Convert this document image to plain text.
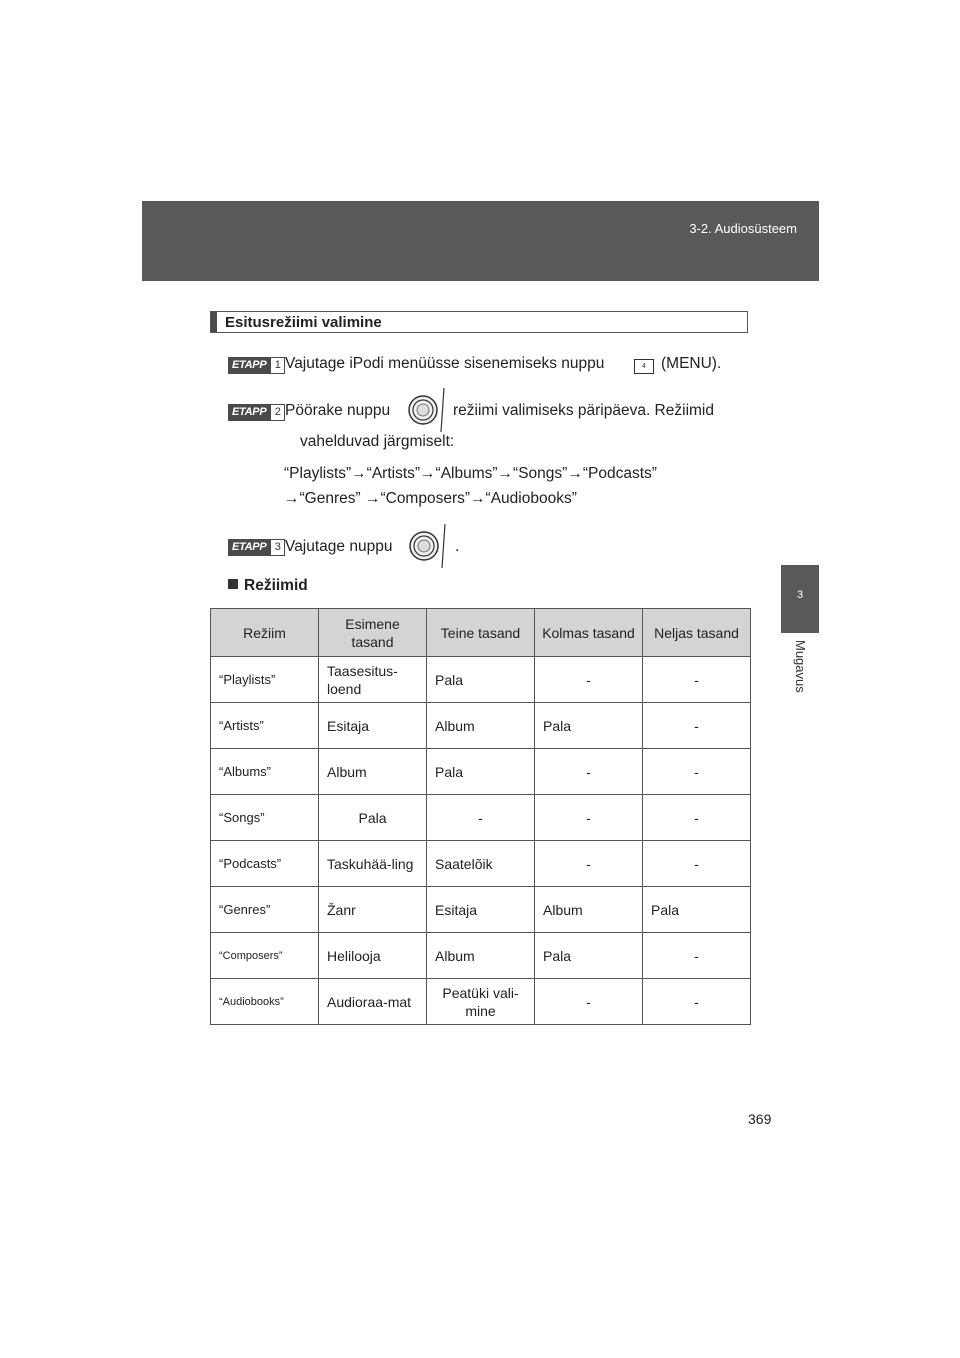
3-2. Audiosüsteem
3
Mugavus
Esitusrežiimi valimine
ETAPP 1 Vajutage iPodi menüüsse sisenemiseks nuppu	4 (MENU).
ETAPP 2 Pöörake nuppu	režiimi valimiseks päripäeva. Režiimid
vahelduvad järgmiselt:
“Playlists”→“Artists”→“Albums”→“Songs”→“Podcasts”
→“Genres” →“Composers”→“Audiobooks”
ETAPP 3 Vajutage nuppu	.
Režiimid
Režiim	Esimene tasand	Teine tasand	Kolmas tasand	Neljas tasand
“Playlists”	Taasesitus-loend	Pala	-	-
“Artists”	Esitaja	Album	Pala	-
“Albums”	Album	Pala	-	-
“Songs”	Pala	-	-	-
“Podcasts”	Taskuhää-ling	Saatelõik	-	-
“Genres”	Žanr	Esitaja	Album	Pala
“Composers”	Helilooja	Album	Pala	-
“Audiobooks”	Audioraa-mat	Peatüki vali-mine	-	-
369
